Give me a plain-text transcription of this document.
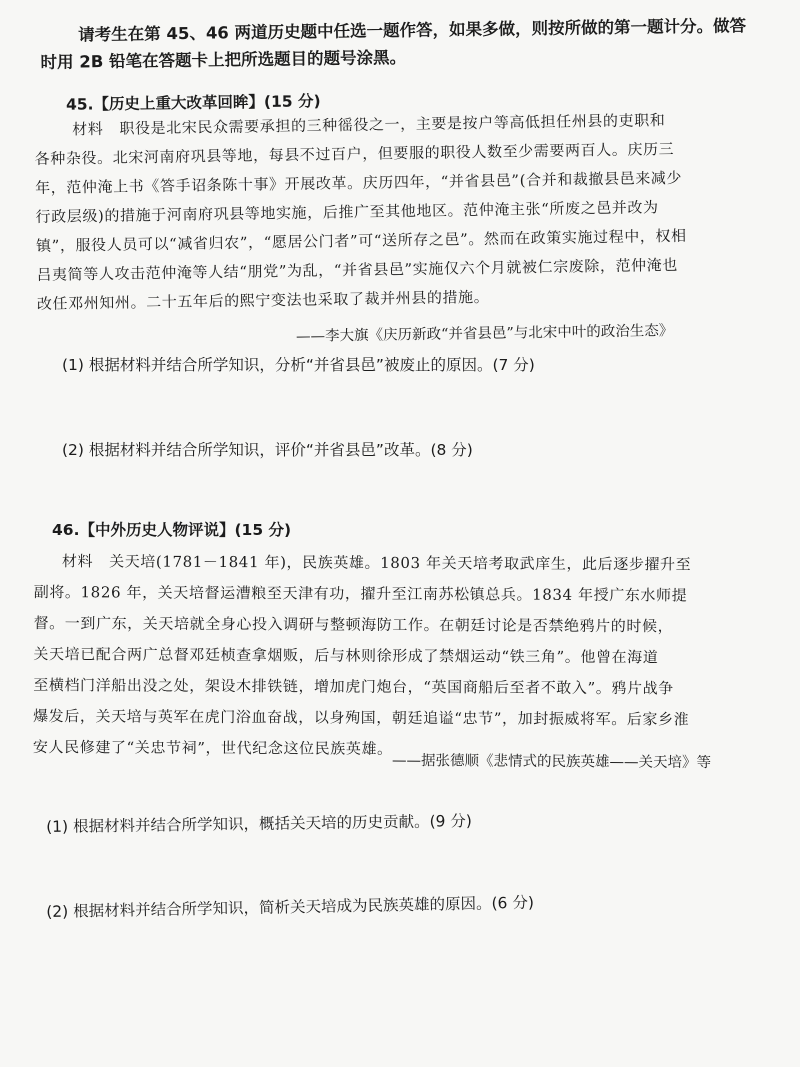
请考生在第 45、46 两道历史题中任选一题作答，如果多做，则按所做的第一题计分。做答
时用 2B 铅笔在答题卡上把所选题目的题号涂黑。
45.【历史上重大改革回眸】(15 分)
材料 职役是北宋民众需要承担的三种徭役之一，主要是按户等高低担任州县的吏职和
各种杂役。北宋河南府巩县等地，每县不过百户，但要服的职役人数至少需要两百人。庆历三
年，范仲淹上书《答手诏条陈十事》开展改革。庆历四年，“并省县邑”(合并和裁撤县邑来减少
行政层级)的措施于河南府巩县等地实施，后推广至其他地区。范仲淹主张“所废之邑并改为
镇”，服役人员可以“减省归农”，“愿居公门者”可“送所存之邑”。然而在政策实施过程中，权相
吕夷简等人攻击范仲淹等人结“朋党”为乱，“并省县邑”实施仅六个月就被仁宗废除，范仲淹也
改任邓州知州。二十五年后的熙宁变法也采取了裁并州县的措施。
——李大旗《庆历新政“并省县邑”与北宋中叶的政治生态》
(1) 根据材料并结合所学知识，分析“并省县邑”被废止的原因。(7 分)
(2) 根据材料并结合所学知识，评价“并省县邑”改革。(8 分)
46.【中外历史人物评说】(15 分)
材料 关天培(1781－1841 年)，民族英雄。1803 年关天培考取武庠生，此后逐步擢升至
副将。1826 年，关天培督运漕粮至天津有功，擢升至江南苏松镇总兵。1834 年授广东水师提
督。一到广东，关天培就全身心投入调研与整顿海防工作。在朝廷讨论是否禁绝鸦片的时候，
关天培已配合两广总督邓廷桢查拿烟贩，后与林则徐形成了禁烟运动“铁三角”。他曾在海道
至横档门洋船出没之处，架设木排铁链，增加虎门炮台，“英国商船后至者不敢入”。鸦片战争
爆发后，关天培与英军在虎门浴血奋战，以身殉国，朝廷追谥“忠节”，加封振威将军。后家乡淮
安人民修建了“关忠节祠”，世代纪念这位民族英雄。
——据张德顺《悲情式的民族英雄——关天培》等
(1) 根据材料并结合所学知识，概括关天培的历史贡献。(9 分)
(2) 根据材料并结合所学知识，简析关天培成为民族英雄的原因。(6 分)
